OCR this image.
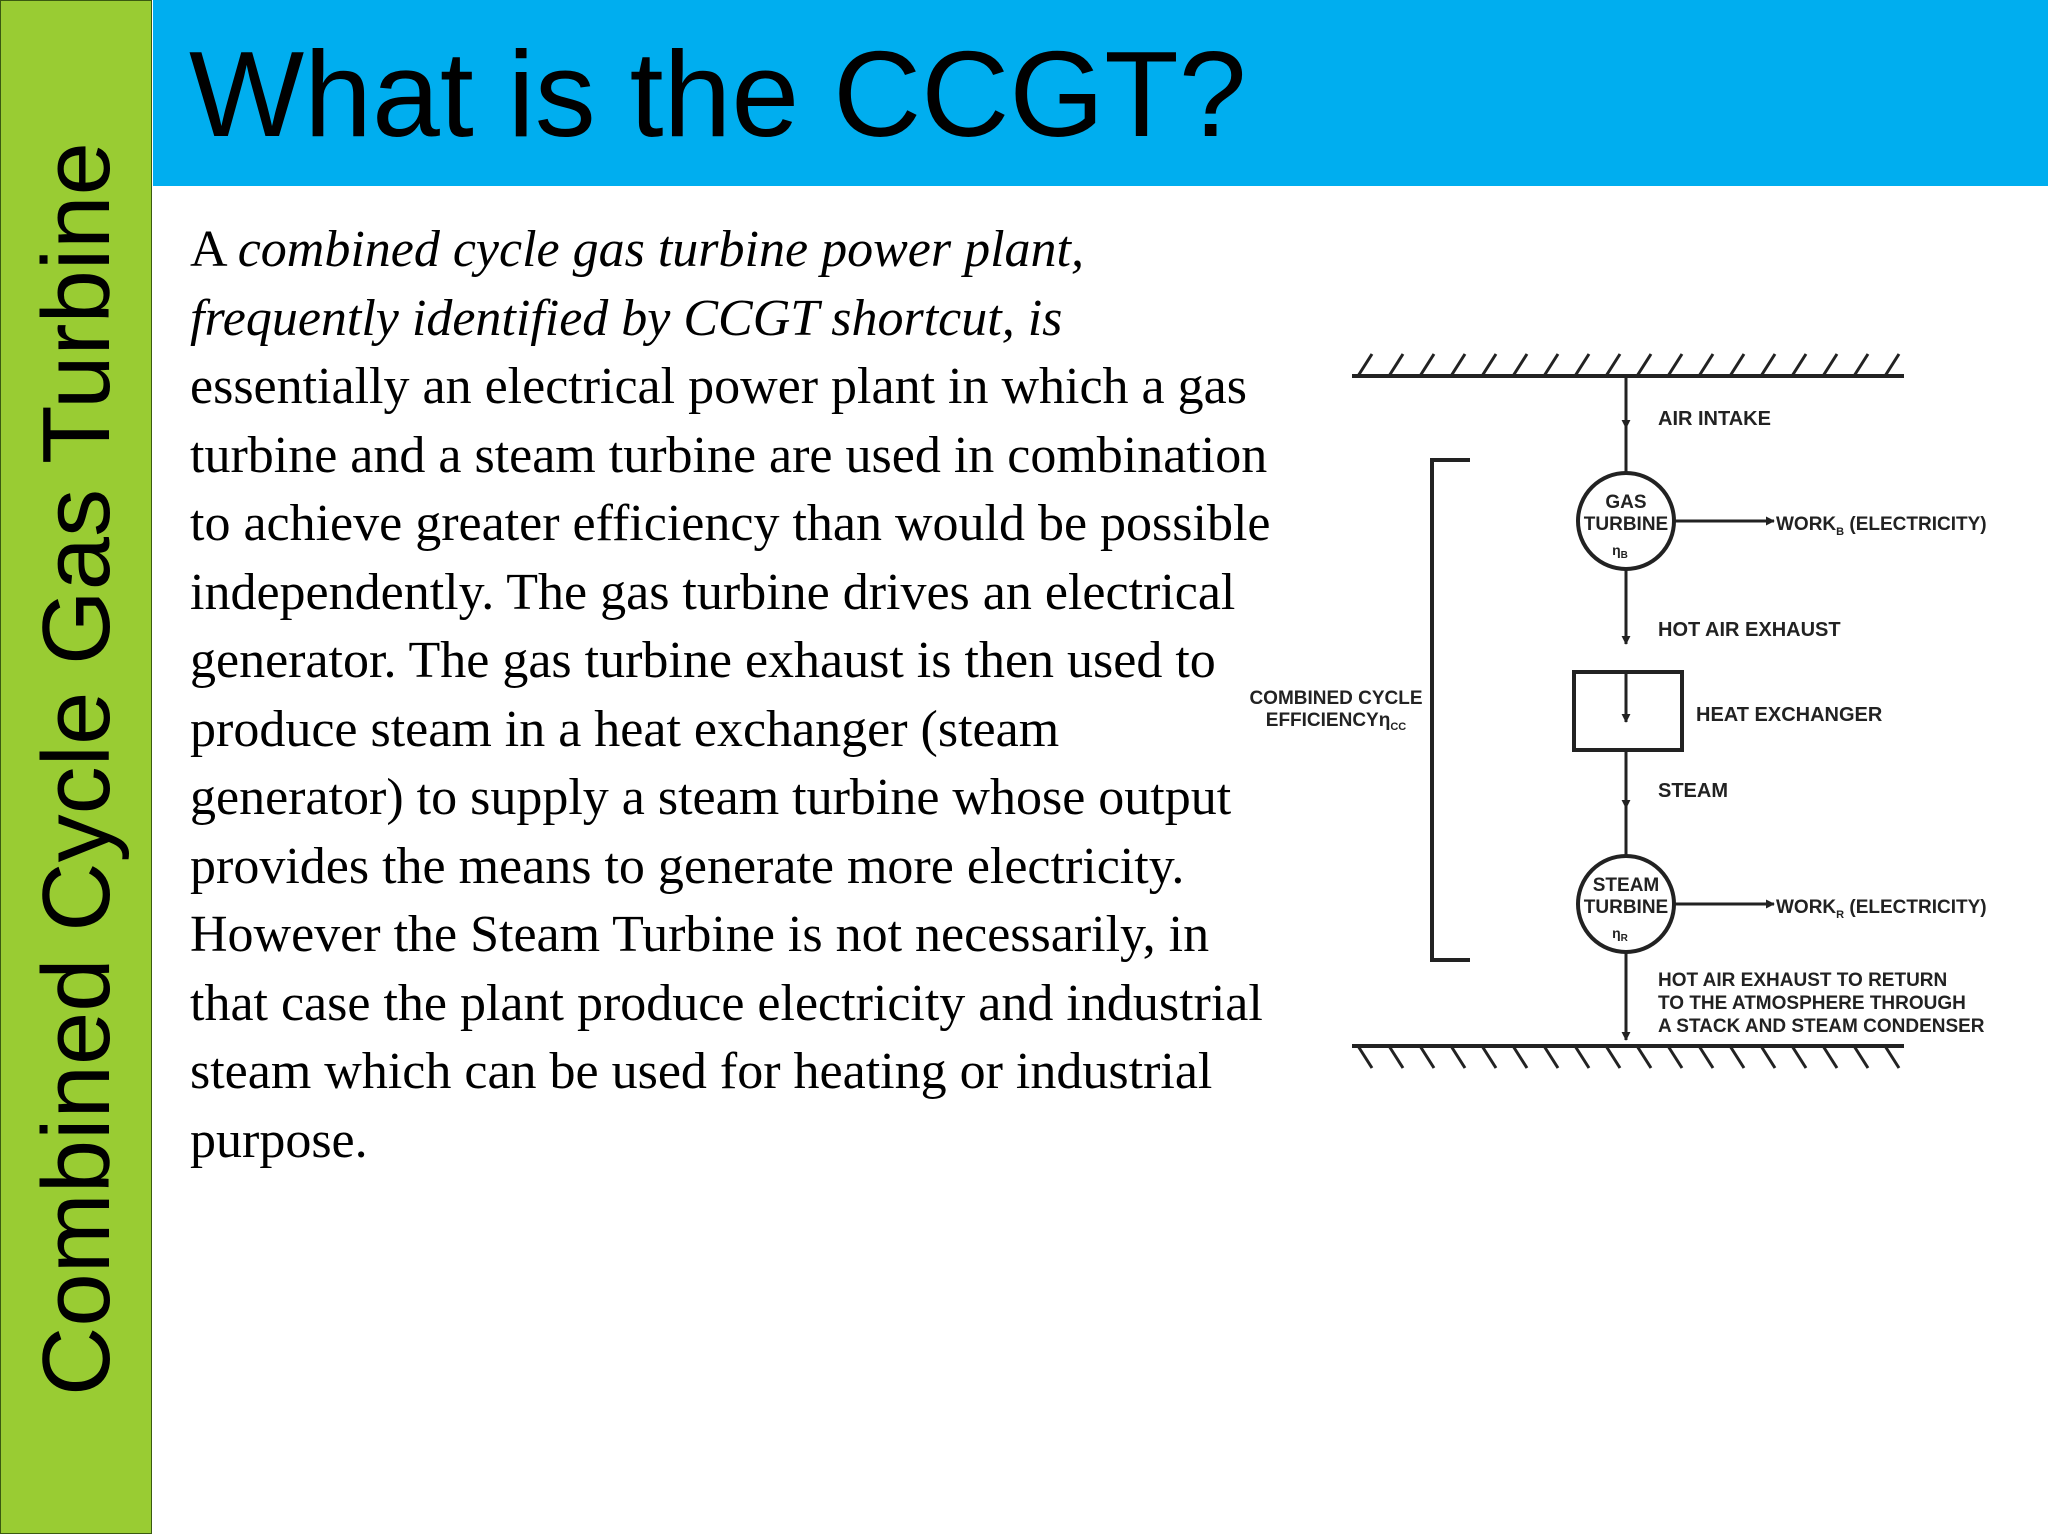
Combined Cycle Gas Turbine
What is the CCGT?
A combined cycle gas turbine power plant, frequently identified by CCGT shortcut, is essentially an electrical power plant in which a gas turbine and a steam turbine are used in combination to achieve greater efficiency than would be possible independently. The gas turbine drives an electrical generator. The gas turbine exhaust is then used to produce steam in a heat exchanger (steam generator) to supply a steam turbine whose output provides the means to generate more electricity. However the Steam Turbine is not necessarily, in that case the plant produce electricity and industrial steam which can be used for heating or industrial purpose.
AIR INTAKE
GAS
TURBINE
$\eta_B$
$WORK_B$ (ELECTRICITY)
HOT AIR EXHAUST
HEAT EXCHANGER
STEAM
STEAM
TURBINE
$\eta_R$
$WORK_R$ (ELECTRICITY)
COMBINED CYCLE
EFFICIENCYη$_{CC}$
HOT AIR EXHAUST TO RETURN
TO THE ATMOSPHERE THROUGH
A STACK AND STEAM CONDENSER
